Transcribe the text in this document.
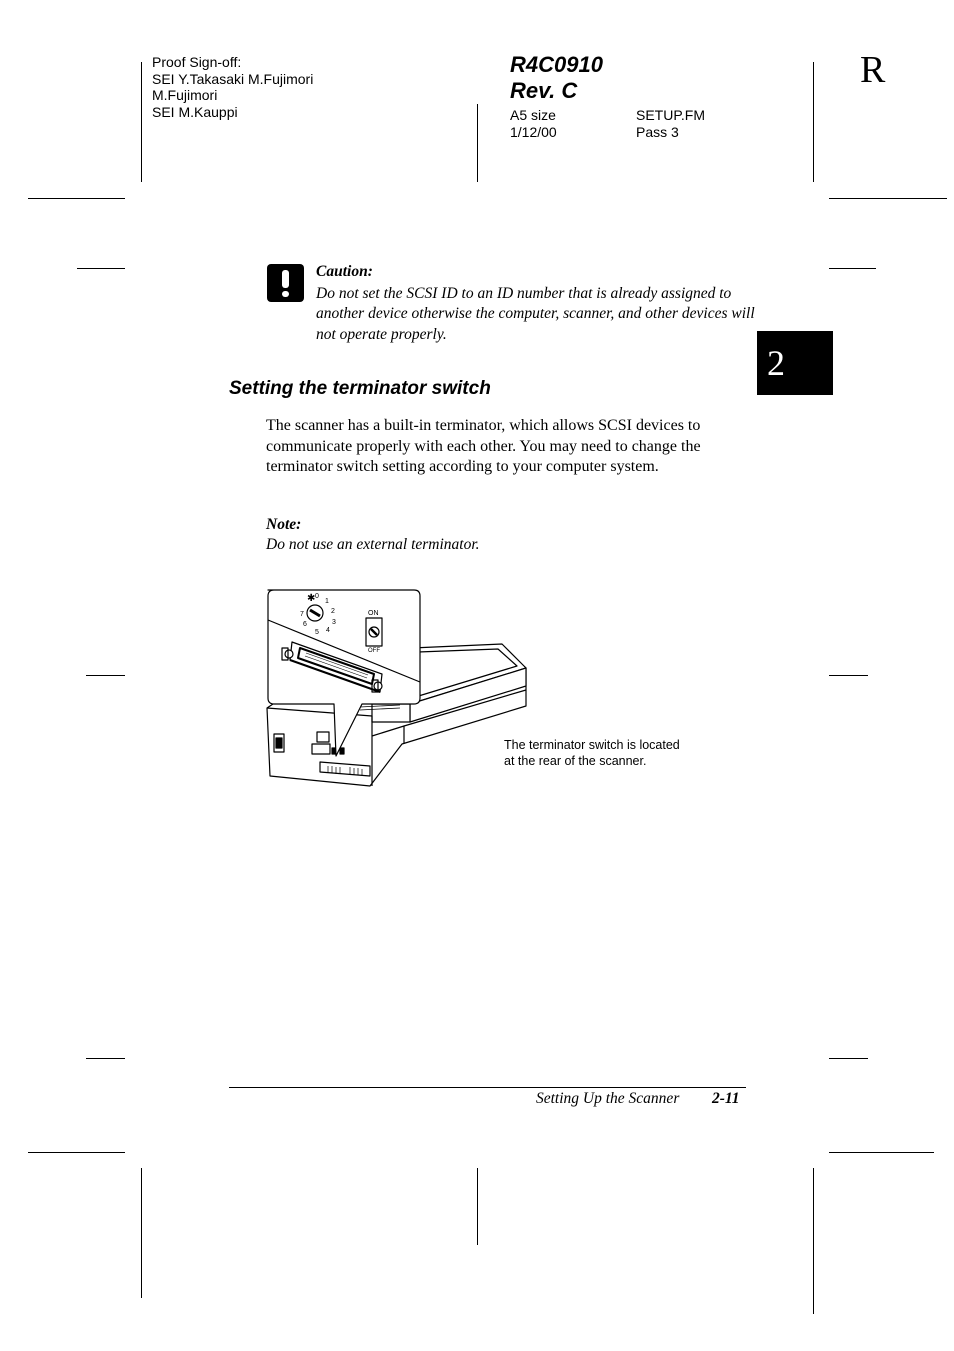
Proof Sign-off:
SEI Y.Takasaki M.Fujimori
M.Fujimori
SEI M.Kauppi
R4C0910
Rev. C
A5 size
1/12/00
SETUP.FM
Pass 3
R
2
Caution:
Do not set the SCSI ID to an ID number that is already assigned to another device otherwise the computer, scanner, and other devices will not operate properly.
Setting the terminator switch
The scanner has a built-in terminator, which allows SCSI devices to communicate properly with each other. You may need to change the terminator switch setting according to your computer system.
Note:
Do not use an external terminator.
✱ 0
1
2
3
4
5
6
7	ON
OFF
The terminator switch is located
at the rear of the scanner.
Setting Up the Scanner 2-11
